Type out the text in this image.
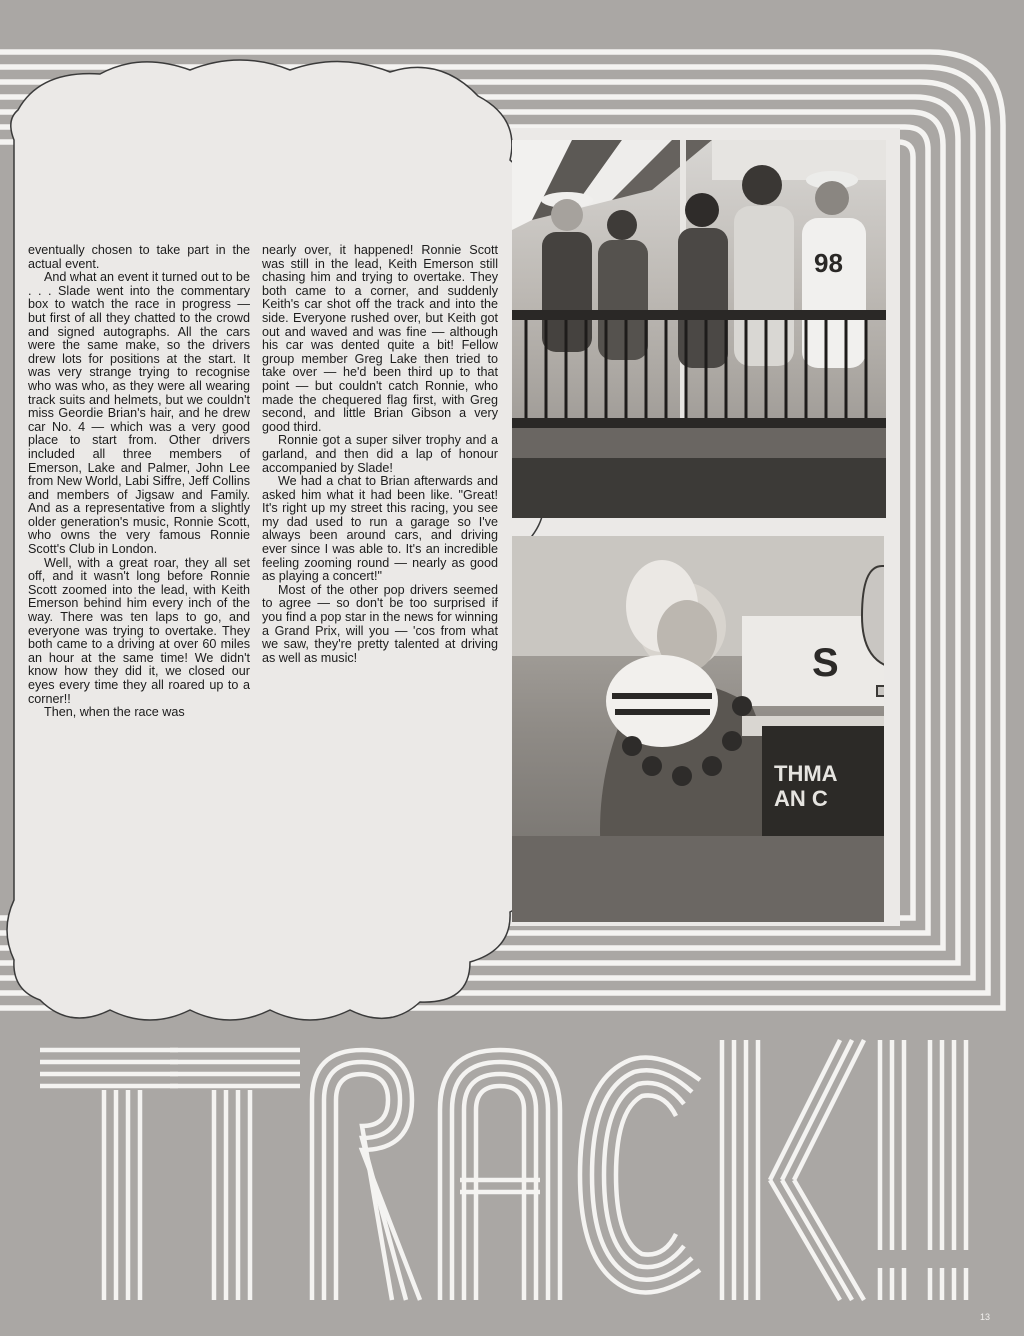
eventually chosen to take part in the actual event.

And what an event it turned out to be . . . Slade went into the commentary box to watch the race in progress — but first of all they chatted to the crowd and signed autographs. All the cars were the same make, so the drivers drew lots for positions at the start. It was very strange trying to recognise who was who, as they were all wearing track suits and helmets, but we couldn't miss Geordie Brian's hair, and he drew car No. 4 — which was a very good place to start from. Other drivers included all three members of Emerson, Lake and Palmer, John Lee from New World, Labi Siffre, Jeff Collins and members of Jigsaw and Family. And as a representative from a slightly older generation's music, Ronnie Scott, who owns the very famous Ronnie Scott's Club in London.

Well, with a great roar, they all set off, and it wasn't long before Ronnie Scott zoomed into the lead, with Keith Emerson behind him every inch of the way. There was ten laps to go, and everyone was trying to overtake. They both came to a driving at over 60 miles an hour at the same time! We didn't know how they did it, we closed our eyes every time they all roared up to a corner!!

Then, when the race was

nearly over, it happened! Ronnie Scott was still in the lead, Keith Emerson still chasing him and trying to overtake. They both came to a corner, and suddenly Keith's car shot off the track and into the side. Everyone rushed over, but Keith got out and waved and was fine — although his car was dented quite a bit! Fellow group member Greg Lake then tried to take over — he'd been third up to that point — but couldn't catch Ronnie, who made the chequered flag first, with Greg second, and little Brian Gibson a very good third.

Ronnie got a super silver trophy and a garland, and then did a lap of honour accompanied by Slade!

We had a chat to Brian afterwards and asked him what it had been like. "Great! It's right up my street this racing, you see my dad used to run a garage so I've always been around cars, and driving ever since I was able to. It's an incredible feeling zooming round — nearly as good as playing a concert!"

Most of the other pop drivers seemed to agree — so don't be too surprised if you find a pop star in the news for winning a Grand Prix, will you — 'cos from what we saw, they're pretty talented at driving as well as music!

98
S
THMA
AN C
13
